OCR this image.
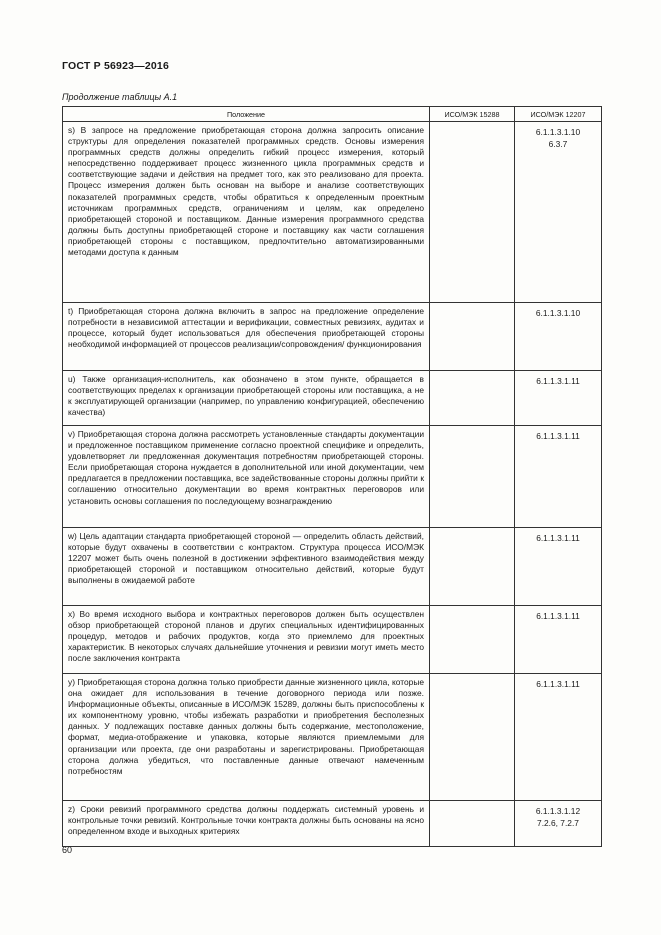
ГОСТ Р 56923—2016
Продолжение таблицы А.1
Положение	ИСО/МЭК 15288	ИСО/МЭК 12207
s) В запросе на предложение приобретающая сторона должна запросить описание структуры для определения показателей программных средств. Основы измерения программных средств должны определить гибкий процесс измерения, который непосредственно поддерживает процесс жизненного цикла программных средств и соответствующие задачи и действия на предмет того, как это реализовано для проекта. Процесс измерения должен быть основан на выборе и анализе соответствующих показателей программных средств, чтобы обратиться к определенным проектным источникам программных средств, ограничениям и целям, как определено приобретающей стороной и поставщиком. Данные измерения программного средства должны быть доступны приобретающей стороне и поставщику как части соглашения приобретающей стороны с поставщиком, предпочтительно автоматизированными методами доступа к данным		6.1.1.3.1.10
6.3.7

t) Приобретающая сторона должна включить в запрос на предложение определение потребности в независимой аттестации и верификации, совместных ревизиях, аудитах и процессе, который будет использоваться для обеспечения приобретающей стороны необходимой информацией от процессов реализации/сопровождения/ функционирования		6.1.1.3.1.10

u) Также организация-исполнитель, как обозначено в этом пункте, обращается в соответствующих пределах к организации приобретающей стороны или поставщика, а не к эксплуатирующей организации (например, по управлению конфигурацией, обеспечению качества)		6.1.1.3.1.11

v) Приобретающая сторона должна рассмотреть установленные стандарты документации и предложенное поставщиком применение согласно проектной специфике и определить, удовлетворяет ли предложенная документация потребностям приобретающей стороны. Если приобретающая сторона нуждается в дополнительной или иной документации, чем предлагается в предложении поставщика, все задействованные стороны должны прийти к соглашению относительно документации во время контрактных переговоров или установить основы соглашения по последующему вознаграждению		6.1.1.3.1.11

w) Цель адаптации стандарта приобретающей стороной — определить область действий, которые будут охвачены в соответствии с контрактом. Структура процесса ИСО/МЭК 12207 может быть очень полезной в достижении эффективного взаимодействия между приобретающей стороной и поставщиком относительно действий, которые будут выполнены в ожидаемой работе		6.1.1.3.1.11

x) Во время исходного выбора и контрактных переговоров должен быть осуществлен обзор приобретающей стороной планов и других специальных идентифицированных процедур, методов и рабочих продуктов, когда это приемлемо для проектных характеристик. В некоторых случаях дальнейшие уточнения и ревизии могут иметь место после заключения контракта		6.1.1.3.1.11

y) Приобретающая сторона должна только приобрести данные жизненного цикла, которые она ожидает для использования в течение договорного периода или позже. Информационные объекты, описанные в ИСО/МЭК 15289, должны быть приспособлены к их компонентному уровню, чтобы избежать разработки и приобретения бесполезных данных. У подлежащих поставке данных должны быть содержание, местоположение, формат, медиа-отображение и упаковка, которые являются приемлемыми для организации или проекта, где они разработаны и зарегистрированы. Приобретающая сторона должна убедиться, что поставленные данные отвечают намеченным потребностям		6.1.1.3.1.11

z) Сроки ревизий программного средства должны поддержать системный уровень и контрольные точки ревизий. Контрольные точки контракта должны быть основаны на ясно определенном входе и выходных критериях		6.1.1.3.1.12
7.2.6, 7.2.7
60
